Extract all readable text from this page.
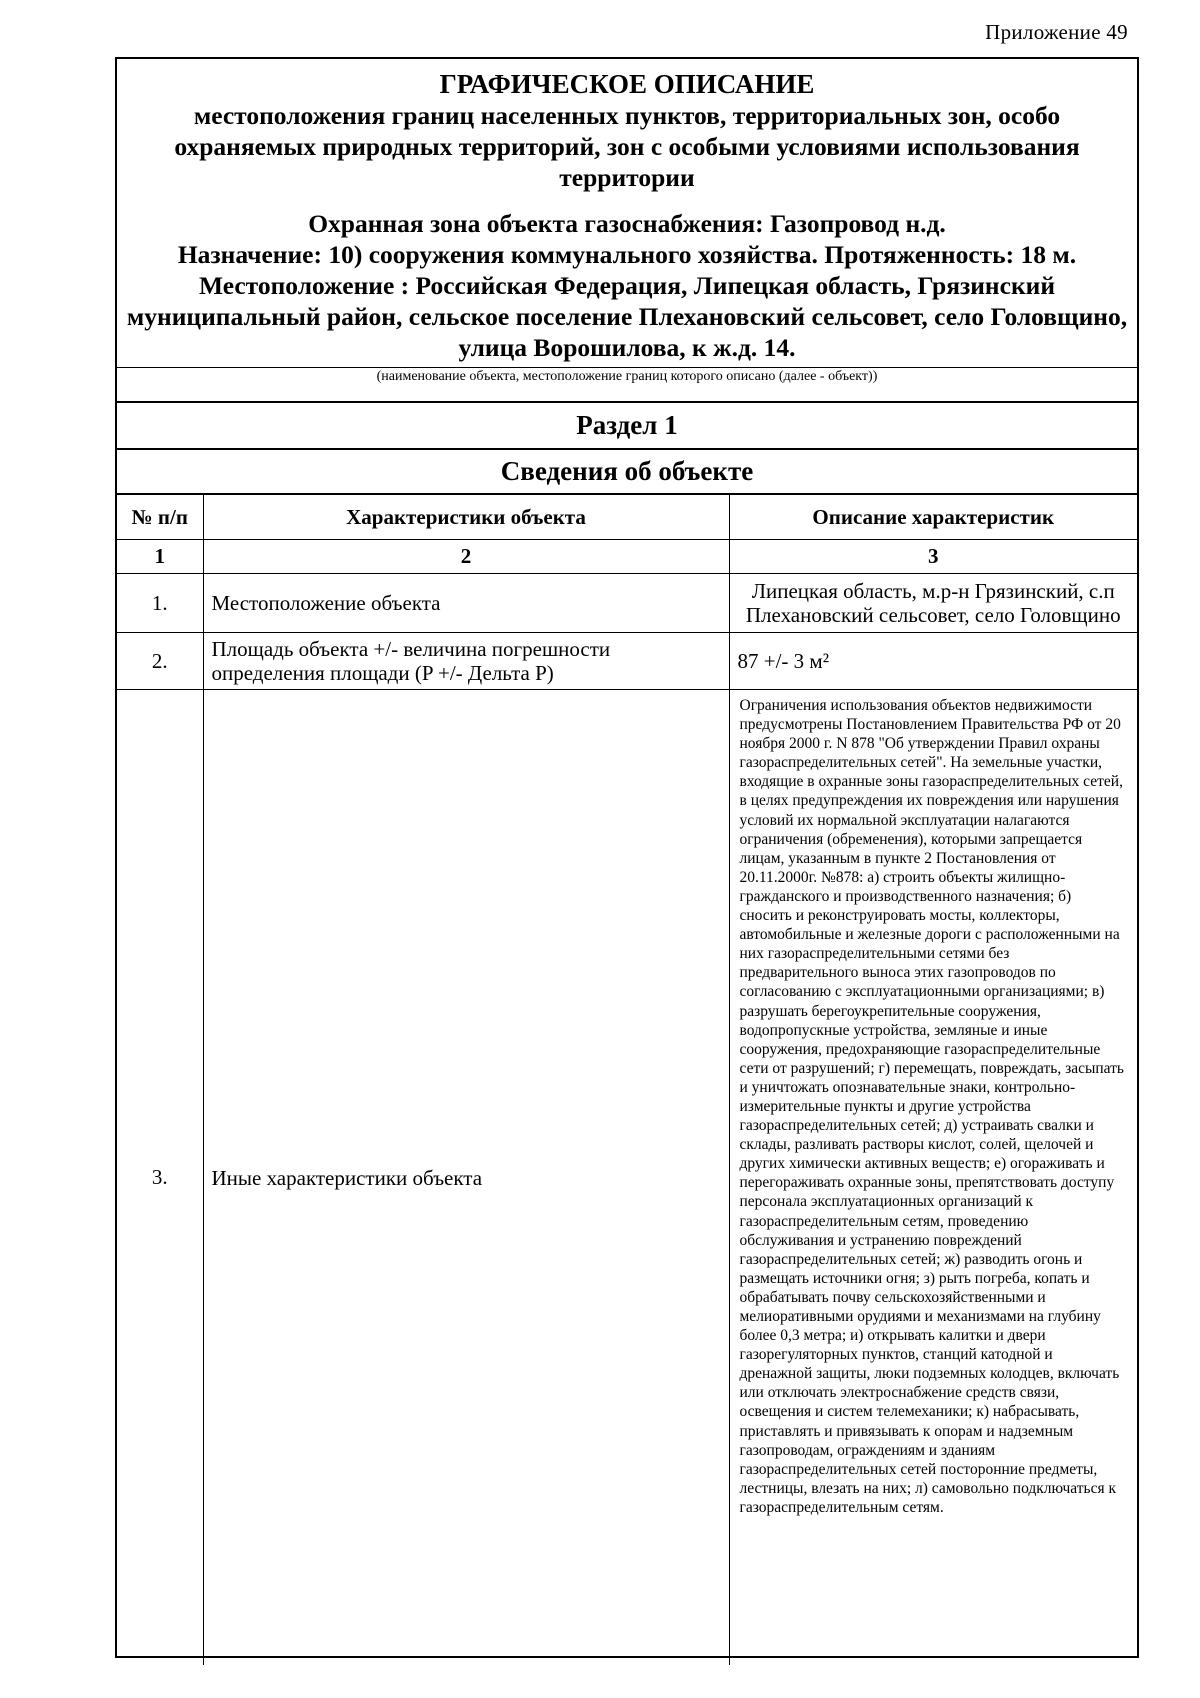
Приложение 49
ГРАФИЧЕСКОЕ ОПИСАНИЕ
местоположения границ населенных пунктов, территориальных зон, особо охраняемых природных территорий, зон с особыми условиями использования территории
Охранная зона объекта газоснабжения: Газопровод н.д.
Назначение: 10) сооружения коммунального хозяйства. Протяженность: 18 м.
Местоположение : Российская Федерация, Липецкая область, Грязинский муниципальный район, сельское поселение Плехановский сельсовет, село Головщино, улица Ворошилова, к ж.д. 14.
(наименование объекта, местоположение границ которого описано (далее - объект))
Раздел 1
Сведения об объекте
№ п/п	Характеристики объекта	Описание характеристик
1	2	3
1.	Местоположение объекта	Липецкая область, м.р-н Грязинский, с.п Плехановский сельсовет, село Головщино
2.	Площадь объекта +/- величина погрешности определения площади (P +/- Дельта P)	87 +/- 3 м²
3.	Иные характеристики объекта	Ограничения использования объектов недвижимости предусмотрены Постановлением Правительства РФ от 20 ноября 2000 г. N 878 "Об утверждении Правил охраны газораспределительных сетей". На земельные участки, входящие в охранные зоны газораспределительных сетей, в целях предупреждения их повреждения или нарушения условий их нормальной эксплуатации налагаются ограничения (обременения), которыми запрещается лицам, указанным в пункте 2 Постановления от 20.11.2000г. №878: а) строить объекты жилищно-гражданского и производственного назначения; б) сносить и реконструировать мосты, коллекторы, автомобильные и железные дороги с расположенными на них газораспределительными сетями без предварительного выноса этих газопроводов по согласованию с эксплуатационными организациями; в) разрушать берегоукрепительные сооружения, водопропускные устройства, земляные и иные сооружения, предохраняющие газораспределительные сети от разрушений; г) перемещать, повреждать, засыпать и уничтожать опознавательные знаки, контрольно-измерительные пункты и другие устройства газораспределительных сетей; д) устраивать свалки и склады, разливать растворы кислот, солей, щелочей и других химически активных веществ; е) огораживать и перегораживать охранные зоны, препятствовать доступу персонала эксплуатационных организаций к газораспределительным сетям, проведению обслуживания и устранению повреждений газораспределительных сетей; ж) разводить огонь и размещать источники огня; з) рыть погреба, копать и обрабатывать почву сельскохозяйственными и мелиоративными орудиями и механизмами на глубину более 0,3 метра; и) открывать калитки и двери газорегуляторных пунктов, станций катодной и дренажной защиты, люки подземных колодцев, включать или отключать электроснабжение средств связи, освещения и систем телемеханики; к) набрасывать, приставлять и привязывать к опорам и надземным газопроводам, ограждениям и зданиям газораспределительных сетей посторонние предметы, лестницы, влезать на них; л) самовольно подключаться к газораспределительным сетям.
